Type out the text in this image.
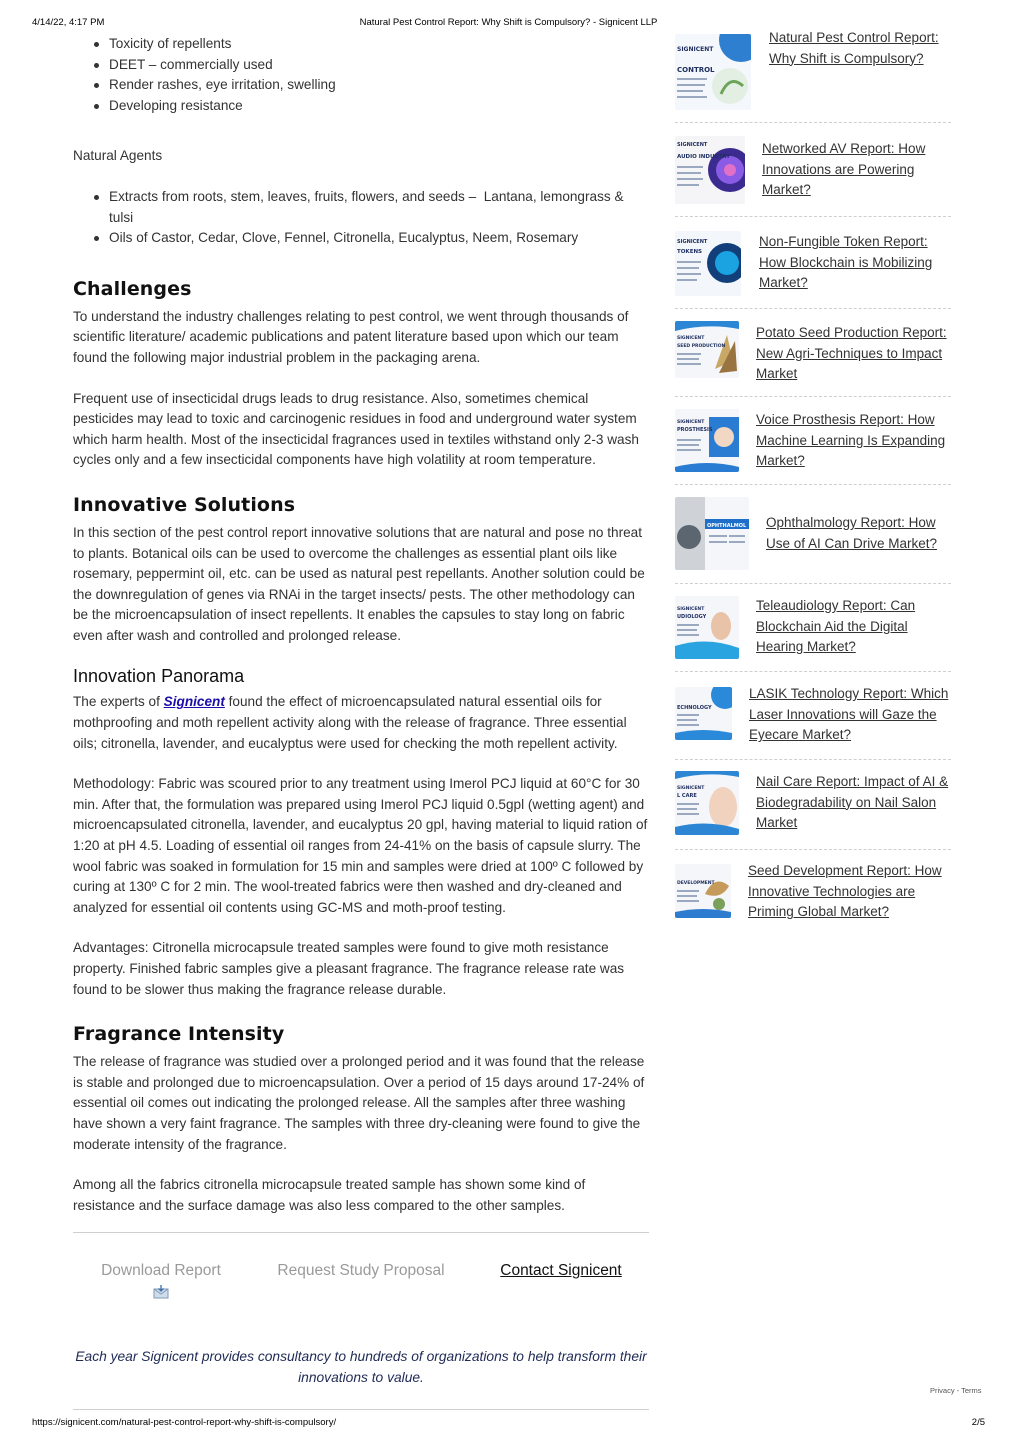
4/14/22, 4:17 PM	Natural Pest Control Report: Why Shift is Compulsory? - Signicent LLP
Toxicity of repellents
DEET – commercially used
Render rashes, eye irritation, swelling
Developing resistance

Natural Agents

Extracts from roots, stem, leaves, fruits, flowers, and seeds –  Lantana, lemongrass & tulsi
Oils of Castor, Cedar, Clove, Fennel, Citronella, Eucalyptus, Neem, Rosemary
Challenges

To understand the industry challenges relating to pest control, we went through thousands of scientific literature/ academic publications and patent literature based upon which our team found the following major industrial problem in the packaging arena.

Frequent use of insecticidal drugs leads to drug resistance. Also, sometimes chemical pesticides may lead to toxic and carcinogenic residues in food and underground water system which harm health. Most of the insecticidal fragrances used in textiles withstand only 2-3 wash cycles only and a few insecticidal components have high volatility at room temperature.

Innovative Solutions

In this section of the pest control report innovative solutions that are natural and pose no threat to plants. Botanical oils can be used to overcome the challenges as essential plant oils like rosemary, peppermint oil, etc. can be used as natural pest repellants. Another solution could be the downregulation of genes via RNAi in the target insects/ pests. The other methodology can be the microencapsulation of insect repellents. It enables the capsules to stay long on fabric even after wash and controlled and prolonged release.

Innovation Panorama

The experts of Signicent found the effect of microencapsulated natural essential oils for mothproofing and moth repellent activity along with the release of fragrance. Three essential oils; citronella, lavender, and eucalyptus were used for checking the moth repellent activity.

Methodology: Fabric was scoured prior to any treatment using Imerol PCJ liquid at 60°C for 30 min. After that, the formulation was prepared using Imerol PCJ liquid 0.5gpl (wetting agent) and microencapsulated citronella, lavender, and eucalyptus 20 gpl, having material to liquid ration of 1:20 at pH 4.5. Loading of essential oil ranges from 24-41% on the basis of capsule slurry. The wool fabric was soaked in formulation for 15 min and samples were dried at 100º C followed by curing at 130º C for 2 min. The wool-treated fabrics were then washed and dry-cleaned and analyzed for essential oil contents using GC-MS and moth-proof testing.

Advantages: Citronella microcapsule treated samples were found to give moth resistance property. Finished fabric samples give a pleasant fragrance. The fragrance release rate was found to be slower thus making the fragrance release durable.

Fragrance Intensity

The release of fragrance was studied over a prolonged period and it was found that the release is stable and prolonged due to microencapsulation. Over a period of 15 days around 17-24% of essential oil comes out indicating the prolonged release. All the samples after three washing have shown a very faint fragrance. The samples with three dry-cleaning were found to give the moderate intensity of the fragrance.

Among all the fabrics citronella microcapsule treated sample has shown some kind of resistance and the surface damage was also less compared to the other samples.

Download Report	Request Study Proposal	Contact Signicent

Each year Signicent provides consultancy to hundreds of organizations to help transform their innovations to value.

SIGNICENT
CONTROL
Natural Pest Control Report: Why Shift is Compulsory?
SIGNICENT
AUDIO INDUSTRY
Networked AV Report: How Innovations are Powering Market?
SIGNICENT
TOKENS
Non-Fungible Token Report: How Blockchain is Mobilizing Market?
SIGNICENT
SEED PRODUCTION
Potato Seed Production Report: New Agri-Techniques to Impact Market
SIGNICENT
PROSTHESIS
Voice Prosthesis Report: How Machine Learning Is Expanding Market?
OPHTHALMOL Ophthalmology Report: How Use of AI Can Drive Market?
SIGNICENT
UDIOLOGY
Teleaudiology Report: Can Blockchain Aid the Digital Hearing Market?
ECHNOLOGY
LASIK Technology Report: Which Laser Innovations will Gaze the Eyecare Market?
SIGNICENT
L CARE
Nail Care Report: Impact of AI & Biodegradability on Nail Salon Market
DEVELOPMENT
Seed Development Report: How Innovative Technologies are Priming Global Market?
Privacy - Terms
https://signicent.com/natural-pest-control-report-why-shift-is-compulsory/	2/5
